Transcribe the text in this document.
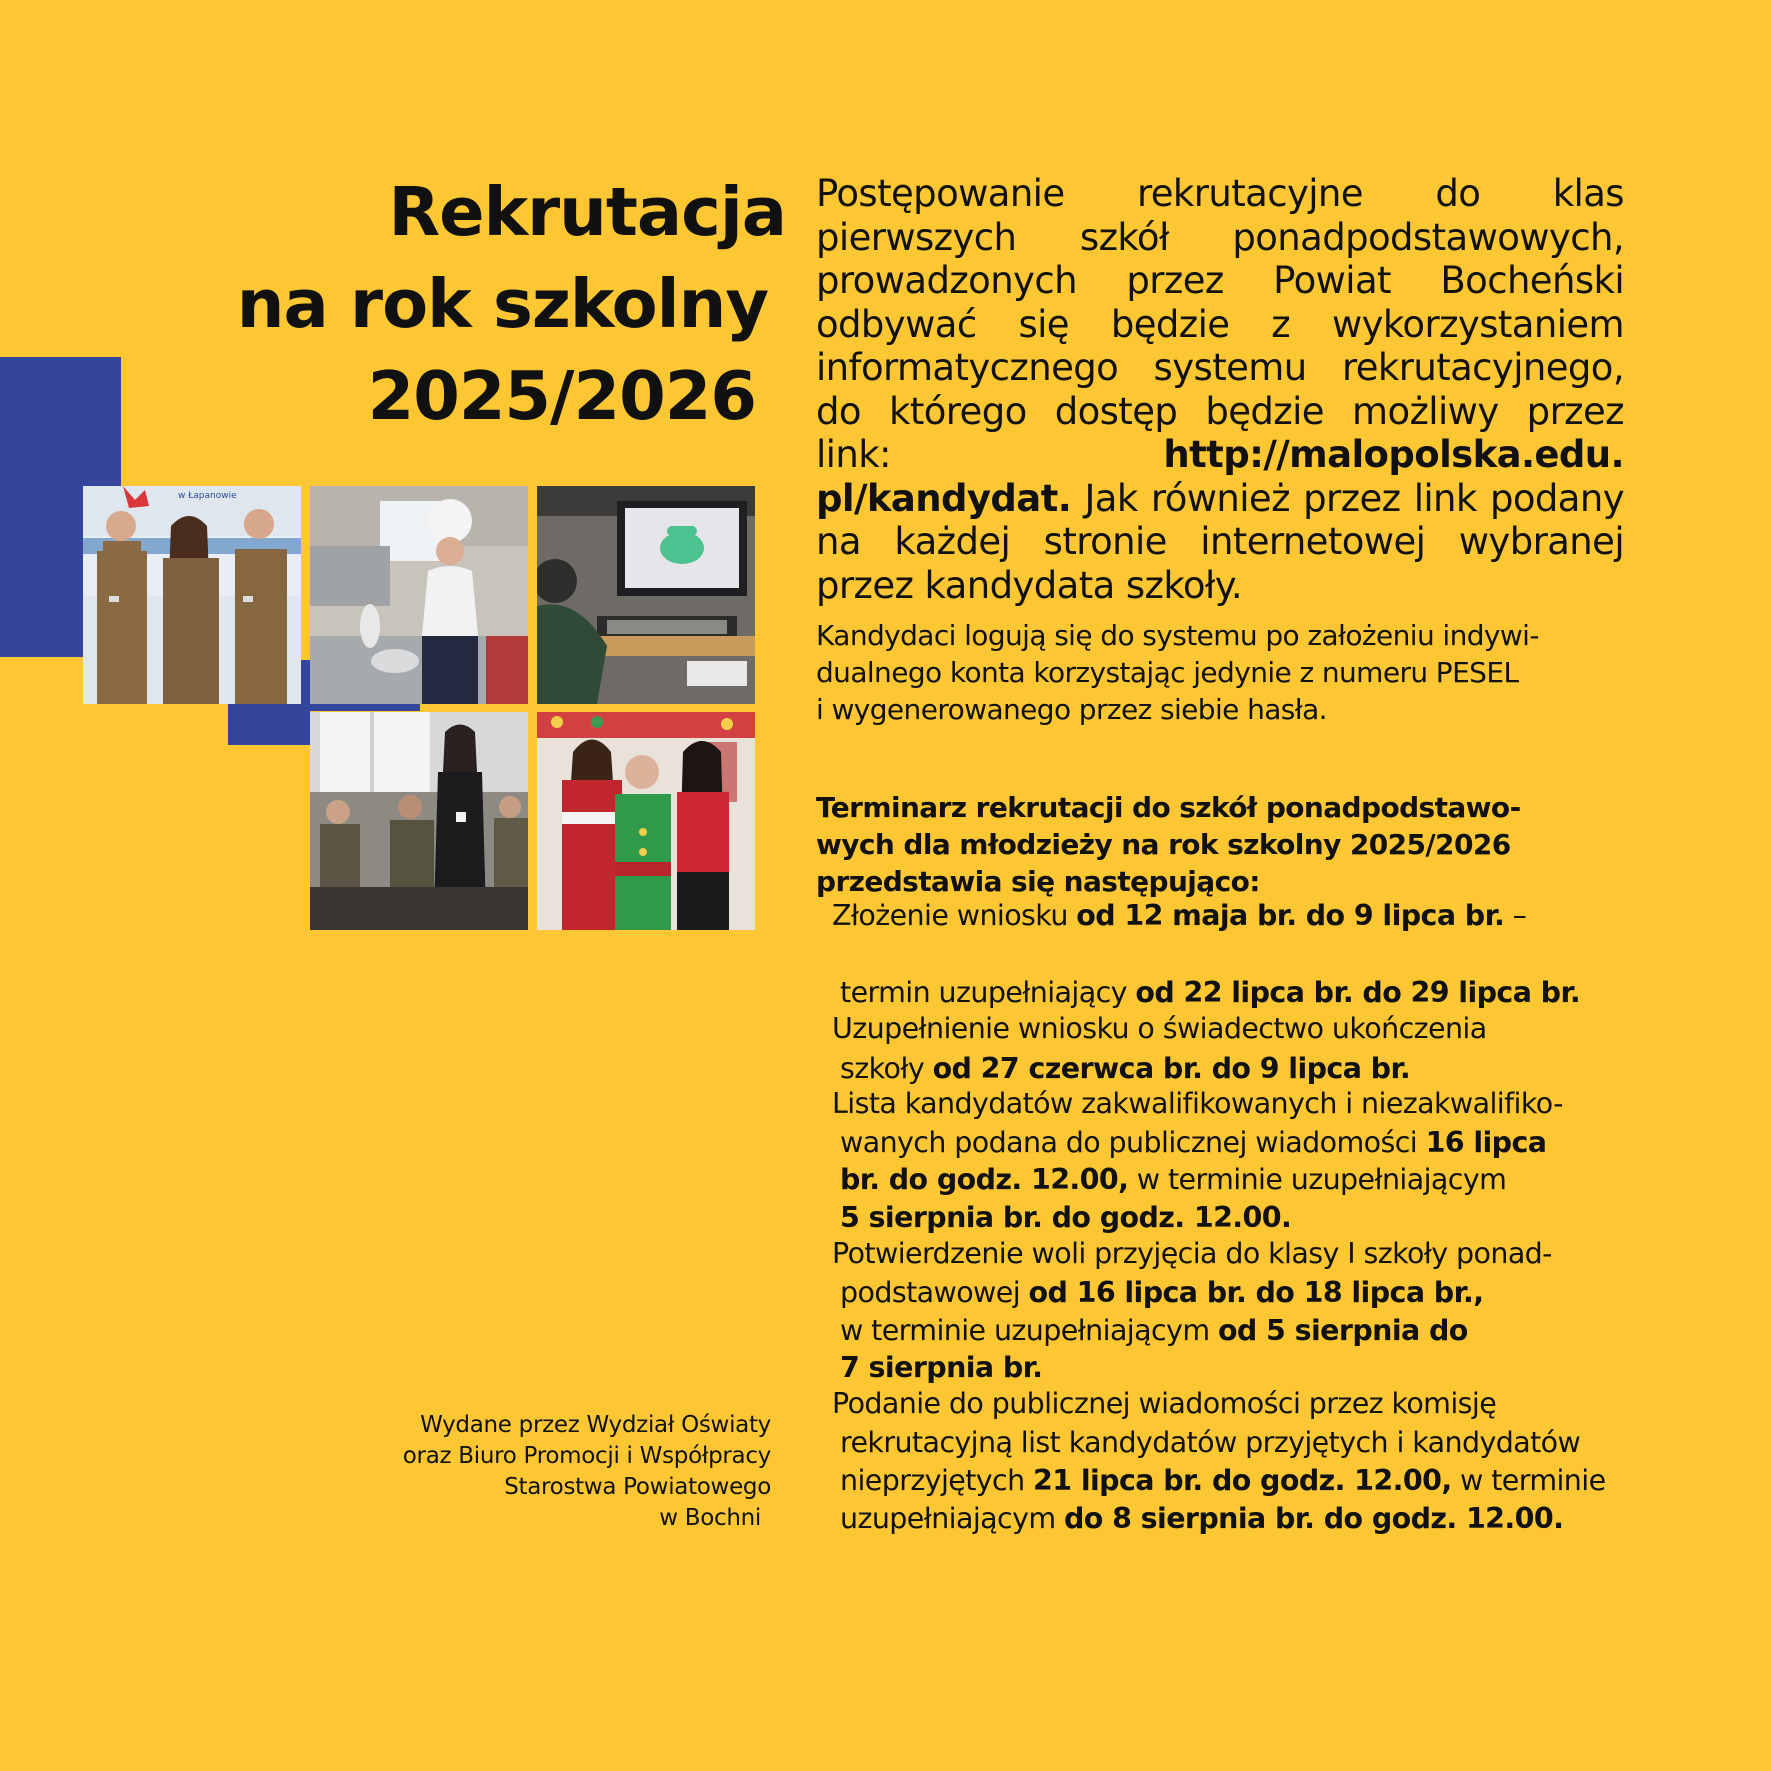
Rekrutacja
na rok szkolny
2025/2026
w Łapanowie

Postępowanie rekrutacyjne do klas pierwszych szkół ponadpodstawowych, prowadzonych przez Powiat Bocheński odbywać się będzie z wykorzystaniem informatycznego systemu rekrutacyjnego, do którego dostęp będzie możliwy przez link: http://malopolska.edu. pl/kandydat. Jak również przez link podany na każdej stronie internetowej wybranej przez kandydata szkoły.

Kandydaci logują się do systemu po założeniu indywi-
dualnego konta korzystając jedynie z numeru PESEL
i wygenerowanego przez siebie hasła.

Terminarz rekrutacji do szkół ponadpodstawo-
wych dla młodzieży na rok szkolny 2025/2026
przedstawia się następująco:
Złożenie wniosku od 12 maja br. do 9 lipca br. –
termin uzupełniający od 22 lipca br. do 29 lipca br.
Uzupełnienie wniosku o świadectwo ukończenia
szkoły od 27 czerwca br. do 9 lipca br.
Lista kandydatów zakwalifikowanych i niezakwalifiko-
wanych podana do publicznej wiadomości 16 lipca
br. do godz. 12.00, w terminie uzupełniającym
5 sierpnia br. do godz. 12.00.
Potwierdzenie woli przyjęcia do klasy I szkoły ponad-
podstawowej od 16 lipca br. do 18 lipca br.,
w terminie uzupełniającym od 5 sierpnia do
7 sierpnia br.
Podanie do publicznej wiadomości przez komisję
rekrutacyjną list kandydatów przyjętych i kandydatów
nieprzyjętych 21 lipca br. do godz. 12.00, w terminie
uzupełniającym do 8 sierpnia br. do godz. 12.00.

Wydane przez Wydział Oświaty
oraz Biuro Promocji i Współpracy
Starostwa Powiatowego
w Bochni
